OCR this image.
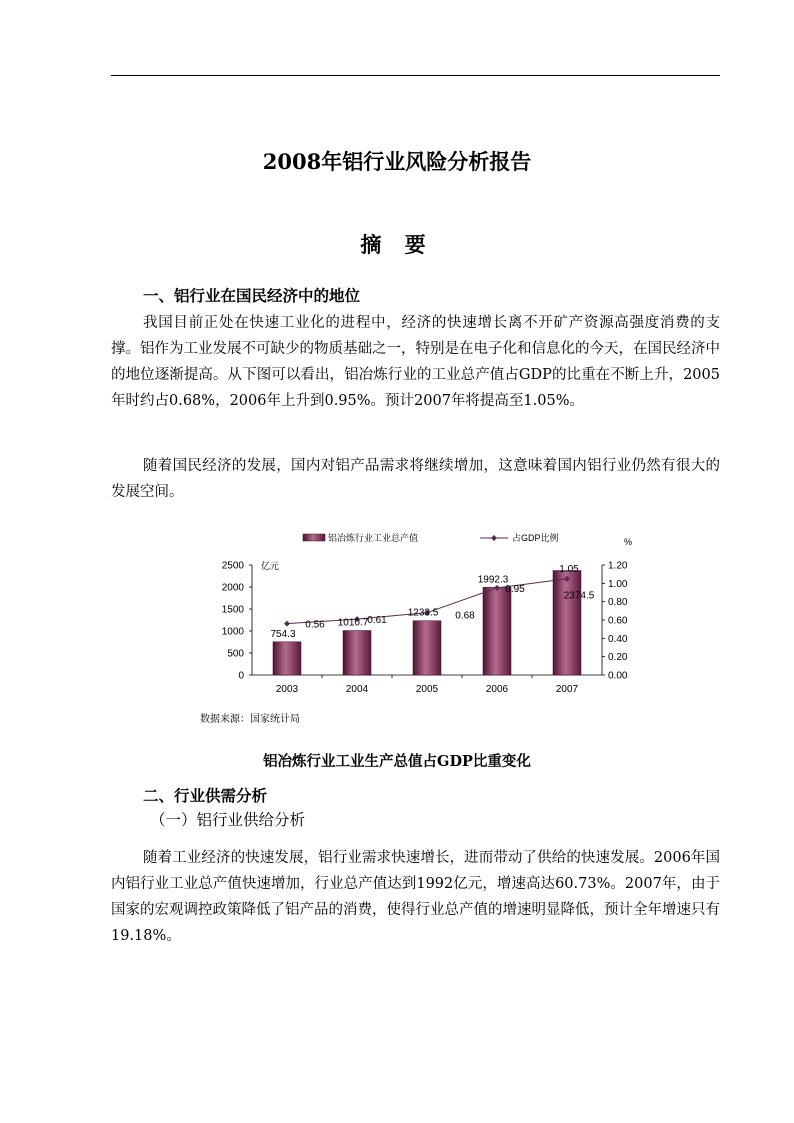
2008年铝行业风险分析报告
摘 要
一、铝行业在国民经济中的地位
我国目前正处在快速工业化的进程中，经济的快速增长离不开矿产资源高强度消费的支撑。铝作为工业发展不可缺少的物质基础之一，特别是在电子化和信息化的今天，在国民经济中的地位逐渐提高。从下图可以看出，铝冶炼行业的工业总产值占GDP的比重在不断上升，2005年时约占0.68%，2006年上升到0.95%。预计2007年将提高至1.05%。
随着国民经济的发展，国内对铝产品需求将继续增加，这意味着国内铝行业仍然有很大的发展空间。
铝冶炼行业工业总产值	占GDP比例
0
500
1000
1500
2000
2500
0.00
0.20
0.40
0.60
0.80
1.00
1.20
亿元
%
2003	2004	2005	2006	2007
754.3
1010.7
1233.5
1992.3
2374.5
0.56	0.61	0.68
0.95
1.05
数据来源：国家统计局
铝冶炼行业工业生产总值占GDP比重变化
二、行业供需分析
（一）铝行业供给分析
随着工业经济的快速发展，铝行业需求快速增长，进而带动了供给的快速发展。2006年国内铝行业工业总产值快速增加，行业总产值达到1992亿元，增速高达60.73%。2007年，由于国家的宏观调控政策降低了铝产品的消费，使得行业总产值的增速明显降低，预计全年增速只有19.18%。
